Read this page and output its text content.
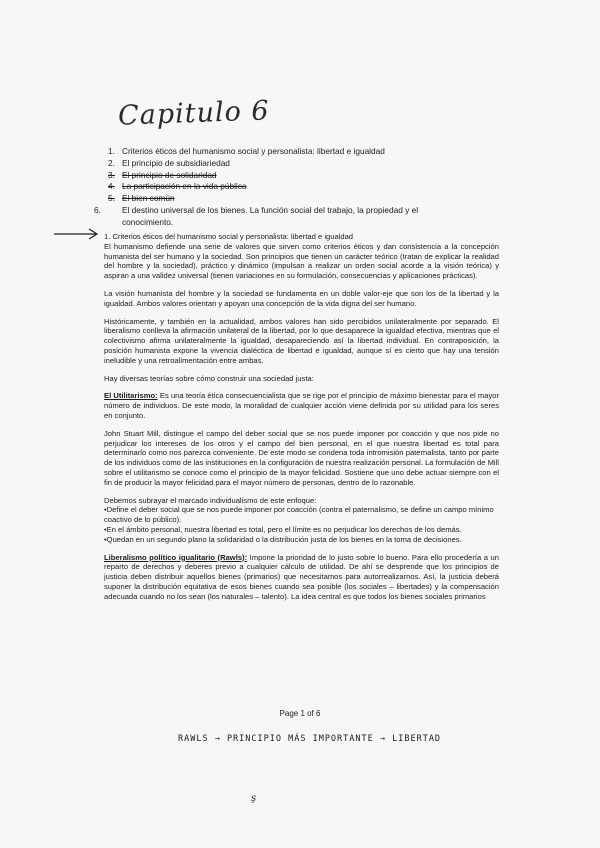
Capitulo 6
1. Criterios éticos del humanismo social y personalista: libertad e igualdad
2. El principio de subsidiariedad
3. El principio de solidaridad
4. La participación en la vida pública
5. El bien común
6.	El destino universal de los bienes. La función social del trabajo, la propiedad y el conocimiento.

1. Criterios éticos del humanismo social y personalista: libertad e igualdad

El humanismo defiende una serie de valores que sirven como criterios éticos y dan consistencia a la concepción humanista del ser humano y la sociedad. Son principios que tienen un carácter teórico (tratan de explicar la realidad del hombre y la sociedad), práctico y dinámico (impulsan a realizar un orden social acorde a la visión teórica) y aspiran a una validez universal (tienen variaciones en su formulación, consecuencias y aplicaciones prácticas).

La visión humanista del hombre y la sociedad se fundamenta en un doble valor-eje que son los de la libertad y la igualdad. Ambos valores orientan y apoyan una concepción de la vida digna del ser humano.

Históricamente, y también en la actualidad, ambos valores han sido percibidos unilateralmente por separado. El liberalismo conlleva la afirmación unilateral de la libertad, por lo que desaparece la igualdad efectiva, mientras que el colectivismo afirma unilateralmente la igualdad, desapareciendo así la libertad individual. En contraposición, la posición humanista expone la vivencia dialéctica de libertad e igualdad, aunque sí es cierto que hay una tensión ineludible y una retroalimentación entre ambas.

Hay diversas teorías sobre cómo construir una sociedad justa:

El Utilitarismo: Es una teoría ética consecuencialista que se rige por el principio de máximo bienestar para el mayor número de individuos. De este modo, la moralidad de cualquier acción viene definida por su utilidad para los seres en conjunto.

John Stuart Mill, distingue el campo del deber social que se nos puede imponer por coacción y que nos pide no perjudicar los intereses de los otros y el campo del bien personal, en el que nuestra libertad es total para determinarlo como nos parezca conveniente. De este modo se condena toda intromisión paternalista, tanto por parte de los individuos como de las instituciones en la configuración de nuestra realización personal. La formulación de Mill sobre el utilitarismo se conoce como el principio de la mayor felicidad. Sostiene que uno debe actuar siempre con el fin de producir la mayor felicidad para el mayor número de personas, dentro de lo razonable.

Debemos subrayar el marcado individualismo de este enfoque:

•Define el deber social que se nos puede imponer por coacción (contra el paternalismo, se define un campo mínimo coactivo de lo público).
•En el ámbito personal, nuestra libertad es total, pero el límite es no perjudicar los derechos de los demás.
•Quedan en un segundo plano la solidaridad o la distribución justa de los bienes en la toma de decisiones.

Liberalismo político igualitario (Rawls): Impone la prioridad de lo justo sobre lo bueno. Para ello procedería a un reparto de derechos y deberes previo a cualquier cálculo de utilidad. De ahí se desprende que los principios de justicia deben distribuir aquellos bienes (primarios) que necesitamos para autorrealizarnos. Así, la justicia deberá suponer la distribución equitativa de esos bienes cuando sea posible (los sociales – libertades) y la compensación adecuada cuando no los sean (los naturales – talento). La idea central es que todos los bienes sociales primarios

Page 1 of 6
RAWLS → PRINCIPIO MÁS IMPORTANTE → LIBERTAD
ş
